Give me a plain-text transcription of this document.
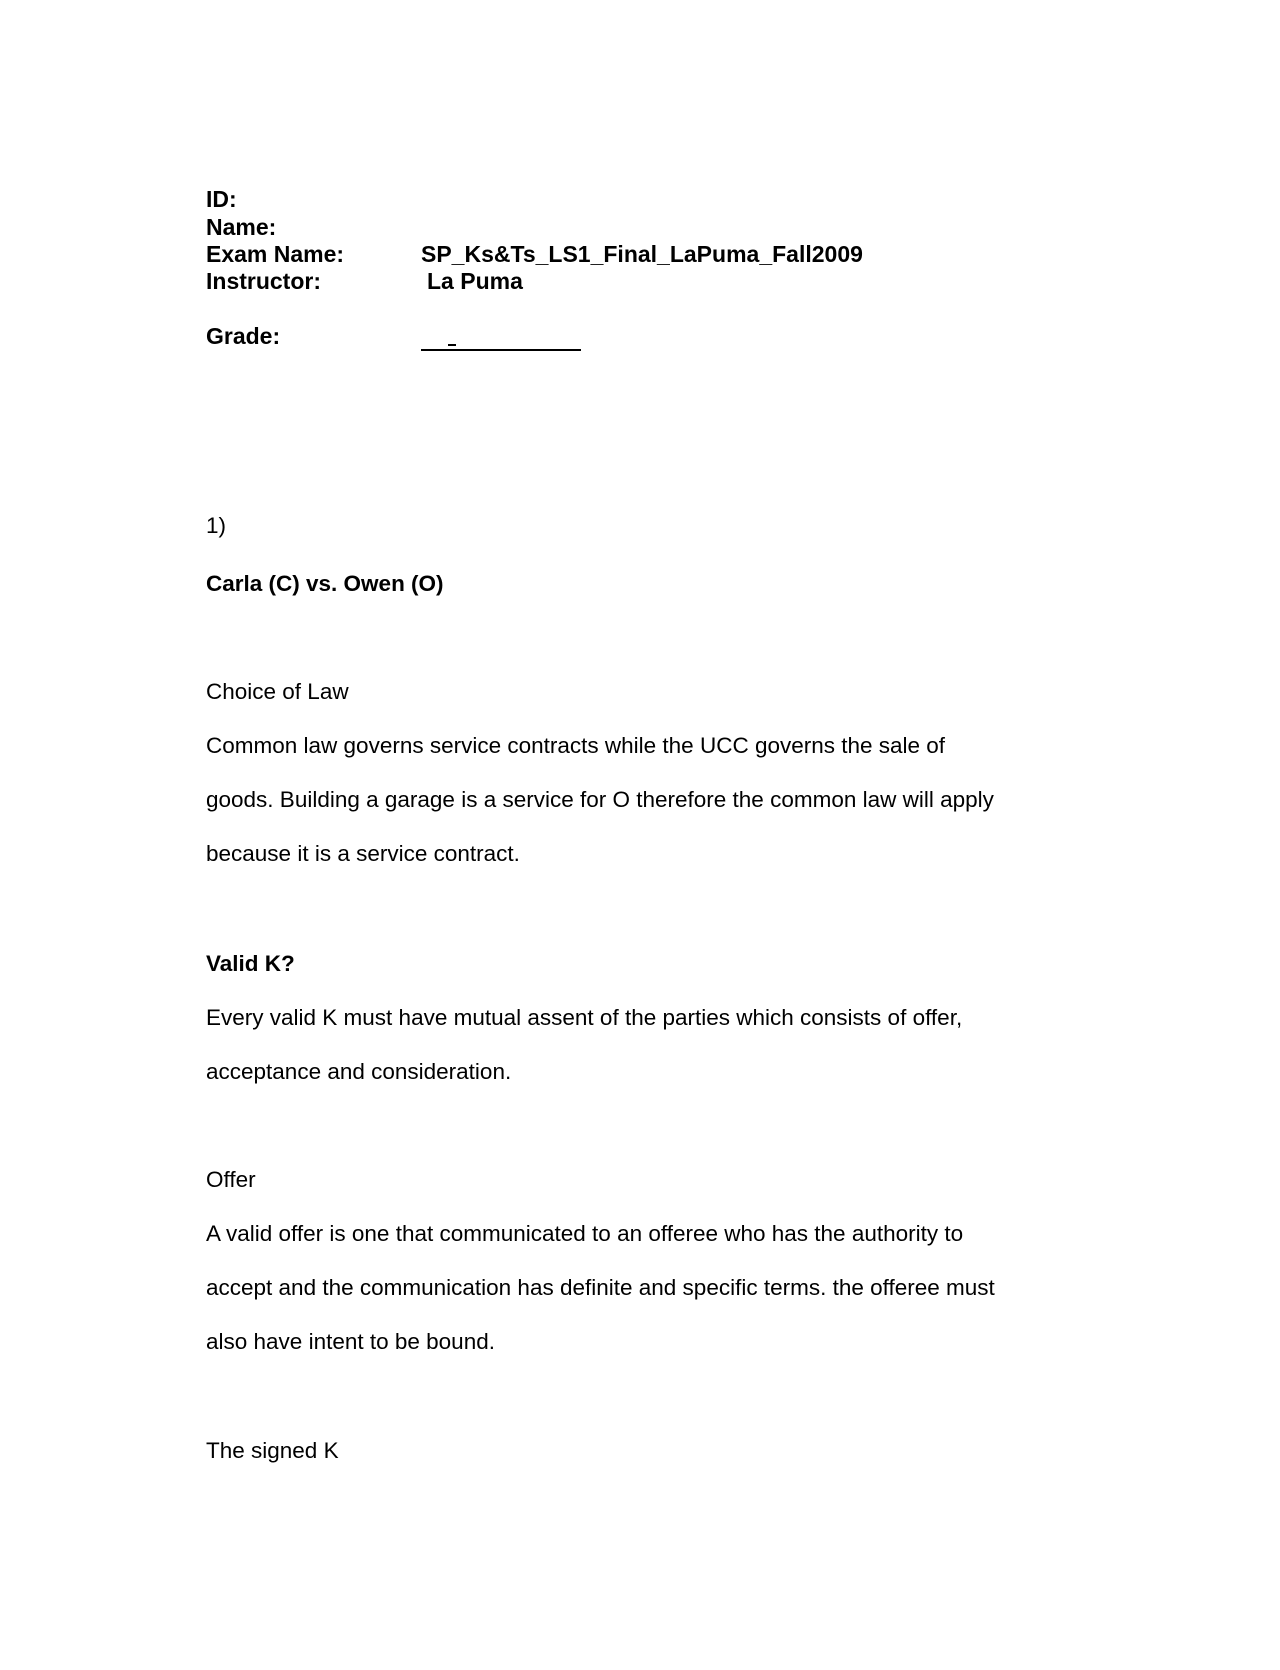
ID:
Name:
Exam Name:	SP_Ks&Ts_LS1_Final_LaPuma_Fall2009
Instructor:	La Puma
Grade:
1)
Carla (C) vs. Owen (O)
Choice of Law
Common law governs service contracts while the UCC governs the sale of
goods. Building a garage is a service for O therefore the common law will apply
because it is a service contract.
Valid K?
Every valid K must have mutual assent of the parties which consists of offer,
acceptance and consideration.
Offer
A valid offer is one that communicated to an offeree who has the authority to
accept and the communication has definite and specific terms. the offeree must
also have intent to be bound.
The signed K
